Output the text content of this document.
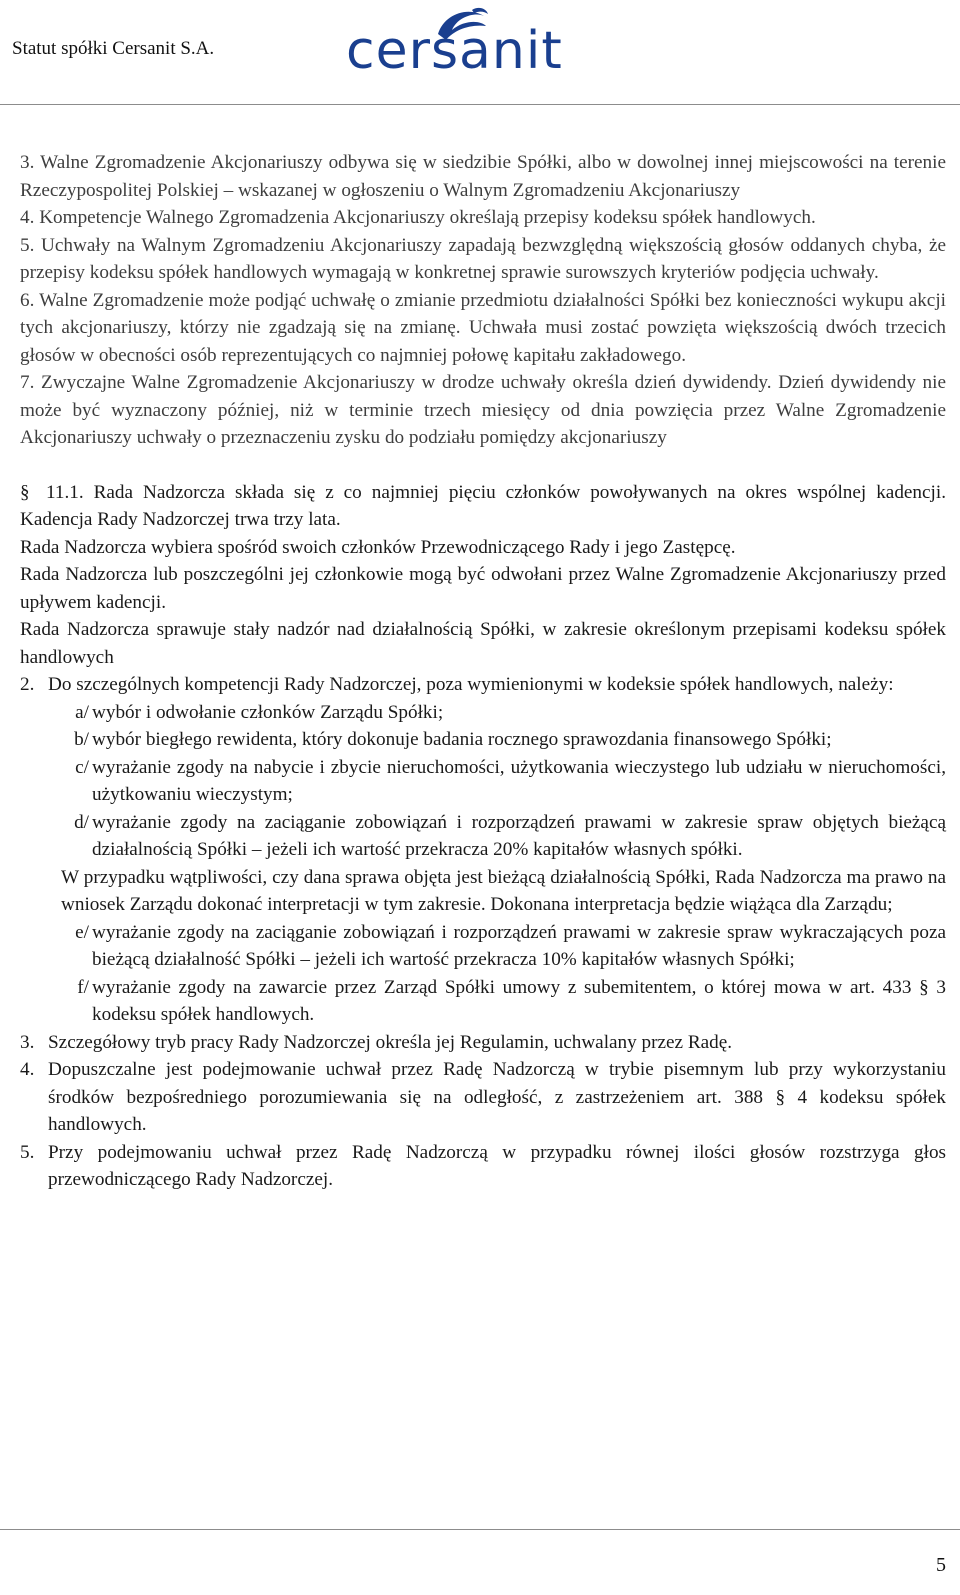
Statut spółki Cersanit S.A.	cersanit

3. Walne Zgromadzenie Akcjonariuszy odbywa się w siedzibie Spółki, albo w dowolnej innej miejscowości na terenie Rzeczypospolitej Polskiej – wskazanej w ogłoszeniu o Walnym Zgromadzeniu Akcjonariuszy

4. Kompetencje Walnego Zgromadzenia Akcjonariuszy określają przepisy kodeksu spółek handlowych.

5. Uchwały na Walnym Zgromadzeniu Akcjonariuszy zapadają bezwzględną większością głosów oddanych chyba, że przepisy kodeksu spółek handlowych wymagają w konkretnej sprawie surowszych kryteriów podjęcia uchwały.

6. Walne Zgromadzenie może podjąć uchwałę o zmianie przedmiotu działalności Spółki bez konieczności wykupu akcji tych akcjonariuszy, którzy nie zgadzają się na zmianę. Uchwała musi zostać powzięta większością dwóch trzecich głosów w obecności osób reprezentujących co najmniej połowę kapitału zakładowego.

7. Zwyczajne Walne Zgromadzenie Akcjonariuszy w drodze uchwały określa dzień dywidendy. Dzień dywidendy nie może być wyznaczony później, niż w terminie trzech miesięcy od dnia powzięcia przez Walne Zgromadzenie Akcjonariuszy uchwały o przeznaczeniu zysku do podziału pomiędzy akcjonariuszy

§ 11.1. Rada Nadzorcza składa się z co najmniej pięciu członków powoływanych na okres wspólnej kadencji. Kadencja Rady Nadzorczej trwa trzy lata.

Rada Nadzorcza wybiera spośród swoich członków Przewodniczącego Rady i jego Zastępcę.

Rada Nadzorcza lub poszczególni jej członkowie mogą być odwołani przez Walne Zgromadzenie Akcjonariuszy przed upływem kadencji.

Rada Nadzorcza sprawuje stały nadzór nad działalnością Spółki, w zakresie określonym przepisami kodeksu spółek handlowych

2. Do szczególnych kompetencji Rady Nadzorczej, poza wymienionymi w kodeksie spółek handlowych, należy:
a/ wybór i odwołanie członków Zarządu Spółki;
b/ wybór biegłego rewidenta, który dokonuje badania rocznego sprawozdania finansowego Spółki;
c/ wyrażanie zgody na nabycie i zbycie nieruchomości, użytkowania wieczystego lub udziału w nieruchomości, użytkowaniu wieczystym;
d/ wyrażanie zgody na zaciąganie zobowiązań i rozporządzeń prawami w zakresie spraw objętych bieżącą działalnością Spółki – jeżeli ich wartość przekracza 20% kapitałów własnych spółki.
W przypadku wątpliwości, czy dana sprawa objęta jest bieżącą działalnością Spółki, Rada Nadzorcza ma prawo na wniosek Zarządu dokonać interpretacji w tym zakresie. Dokonana interpretacja będzie wiążąca dla Zarządu;
e/ wyrażanie zgody na zaciąganie zobowiązań i rozporządzeń prawami w zakresie spraw wykraczających poza bieżącą działalność Spółki – jeżeli ich wartość przekracza 10% kapitałów własnych Spółki;
f/ wyrażanie zgody na zawarcie przez Zarząd Spółki umowy z subemitentem, o której mowa w art. 433 § 3 kodeksu spółek handlowych.
3. Szczegółowy tryb pracy Rady Nadzorczej określa jej Regulamin, uchwalany przez Radę.
4. Dopuszczalne jest podejmowanie uchwał przez Radę Nadzorczą w trybie pisemnym lub przy wykorzystaniu środków bezpośredniego porozumiewania się na odległość, z zastrzeżeniem art. 388 § 4 kodeksu spółek handlowych.
5. Przy podejmowaniu uchwał przez Radę Nadzorczą w przypadku równej ilości głosów rozstrzyga głos przewodniczącego Rady Nadzorczej.
5
